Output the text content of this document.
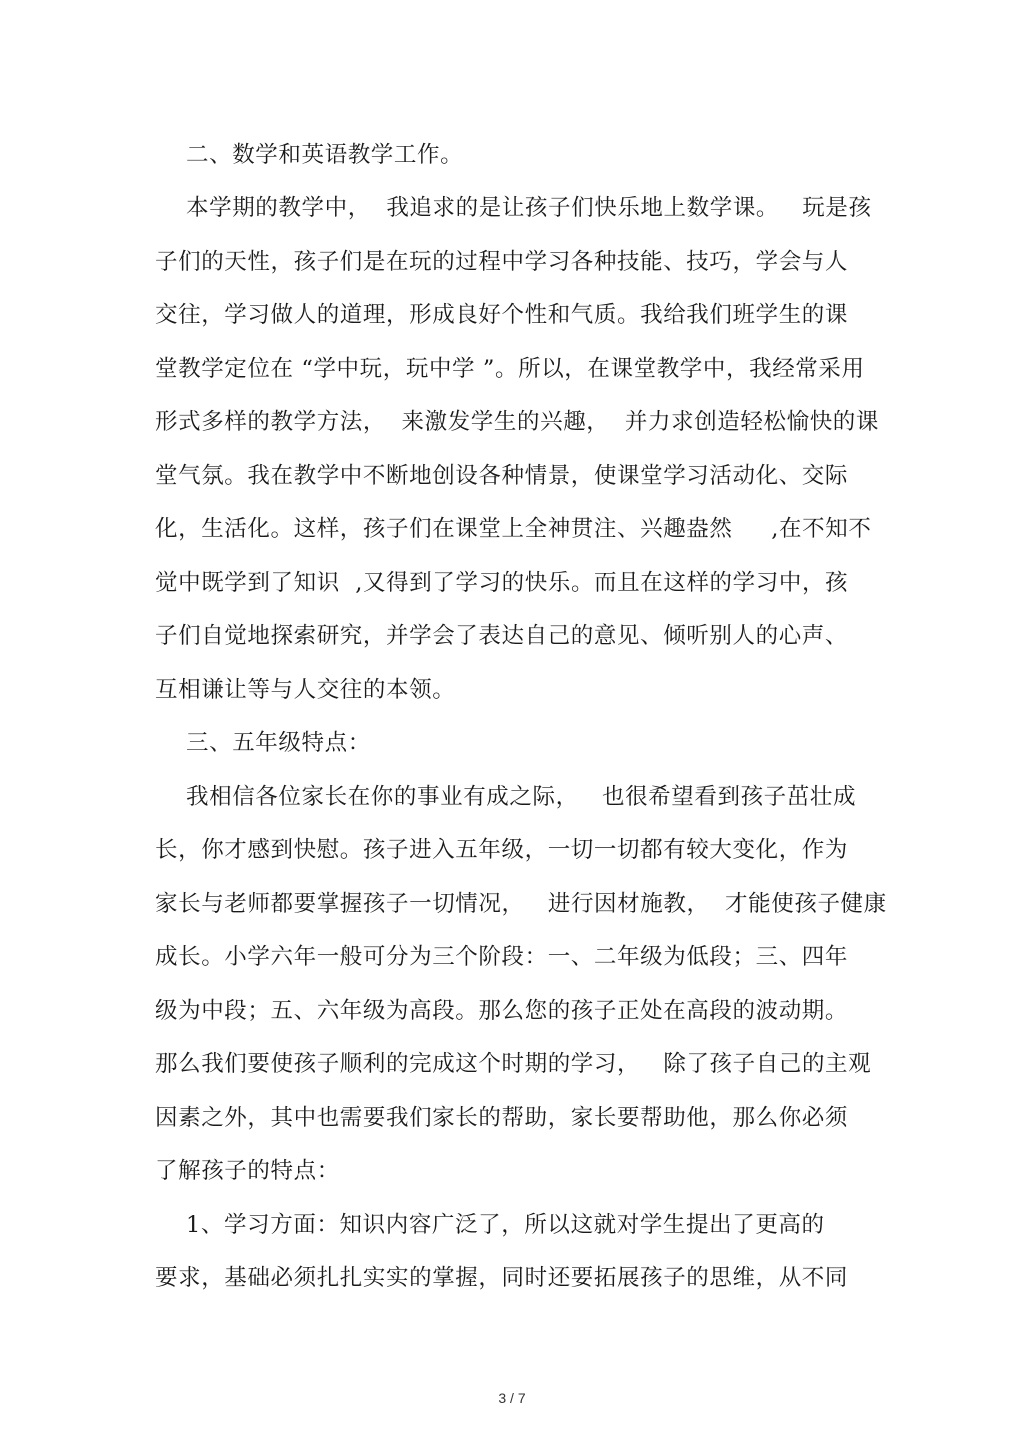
二、数学和英语教学工作。
本学期的教学中，  我追求的是让孩子们快乐地上数学课。   玩是孩
子们的天性，孩子们是在玩的过程中学习各种技能、技巧，学会与人
交往，学习做人的道理，形成良好个性和气质。我给我们班学生的课
堂教学定位在 “学中玩，玩中学 ”。所以，在课堂教学中，我经常采用
形式多样的教学方法，  来激发学生的兴趣，  并力求创造轻松愉快的课
堂气氛。我在教学中不断地创设各种情景，使课堂学习活动化、交际
化，生活化。这样，孩子们在课堂上全神贯注、兴趣盎然     ,在不知不
觉中既学到了知识  ,又得到了学习的快乐。而且在这样的学习中，孩
子们自觉地探索研究，并学会了表达自己的意见、倾听别人的心声、
互相谦让等与人交往的本领。
三、五年级特点：
我相信各位家长在你的事业有成之际，   也很希望看到孩子茁壮成
长，你才感到快慰。孩子进入五年级，一切一切都有较大变化，作为
家长与老师都要掌握孩子一切情况，   进行因材施教，  才能使孩子健康
成长。小学六年一般可分为三个阶段：一、二年级为低段；三、四年
级为中段；五、六年级为高段。那么您的孩子正处在高段的波动期。
那么我们要使孩子顺利的完成这个时期的学习，   除了孩子自己的主观
因素之外，其中也需要我们家长的帮助，家长要帮助他，那么你必须
了解孩子的特点：
1、学习方面：知识内容广泛了，所以这就对学生提出了更高的
要求，基础必须扎扎实实的掌握，同时还要拓展孩子的思维，从不同
3 / 7
